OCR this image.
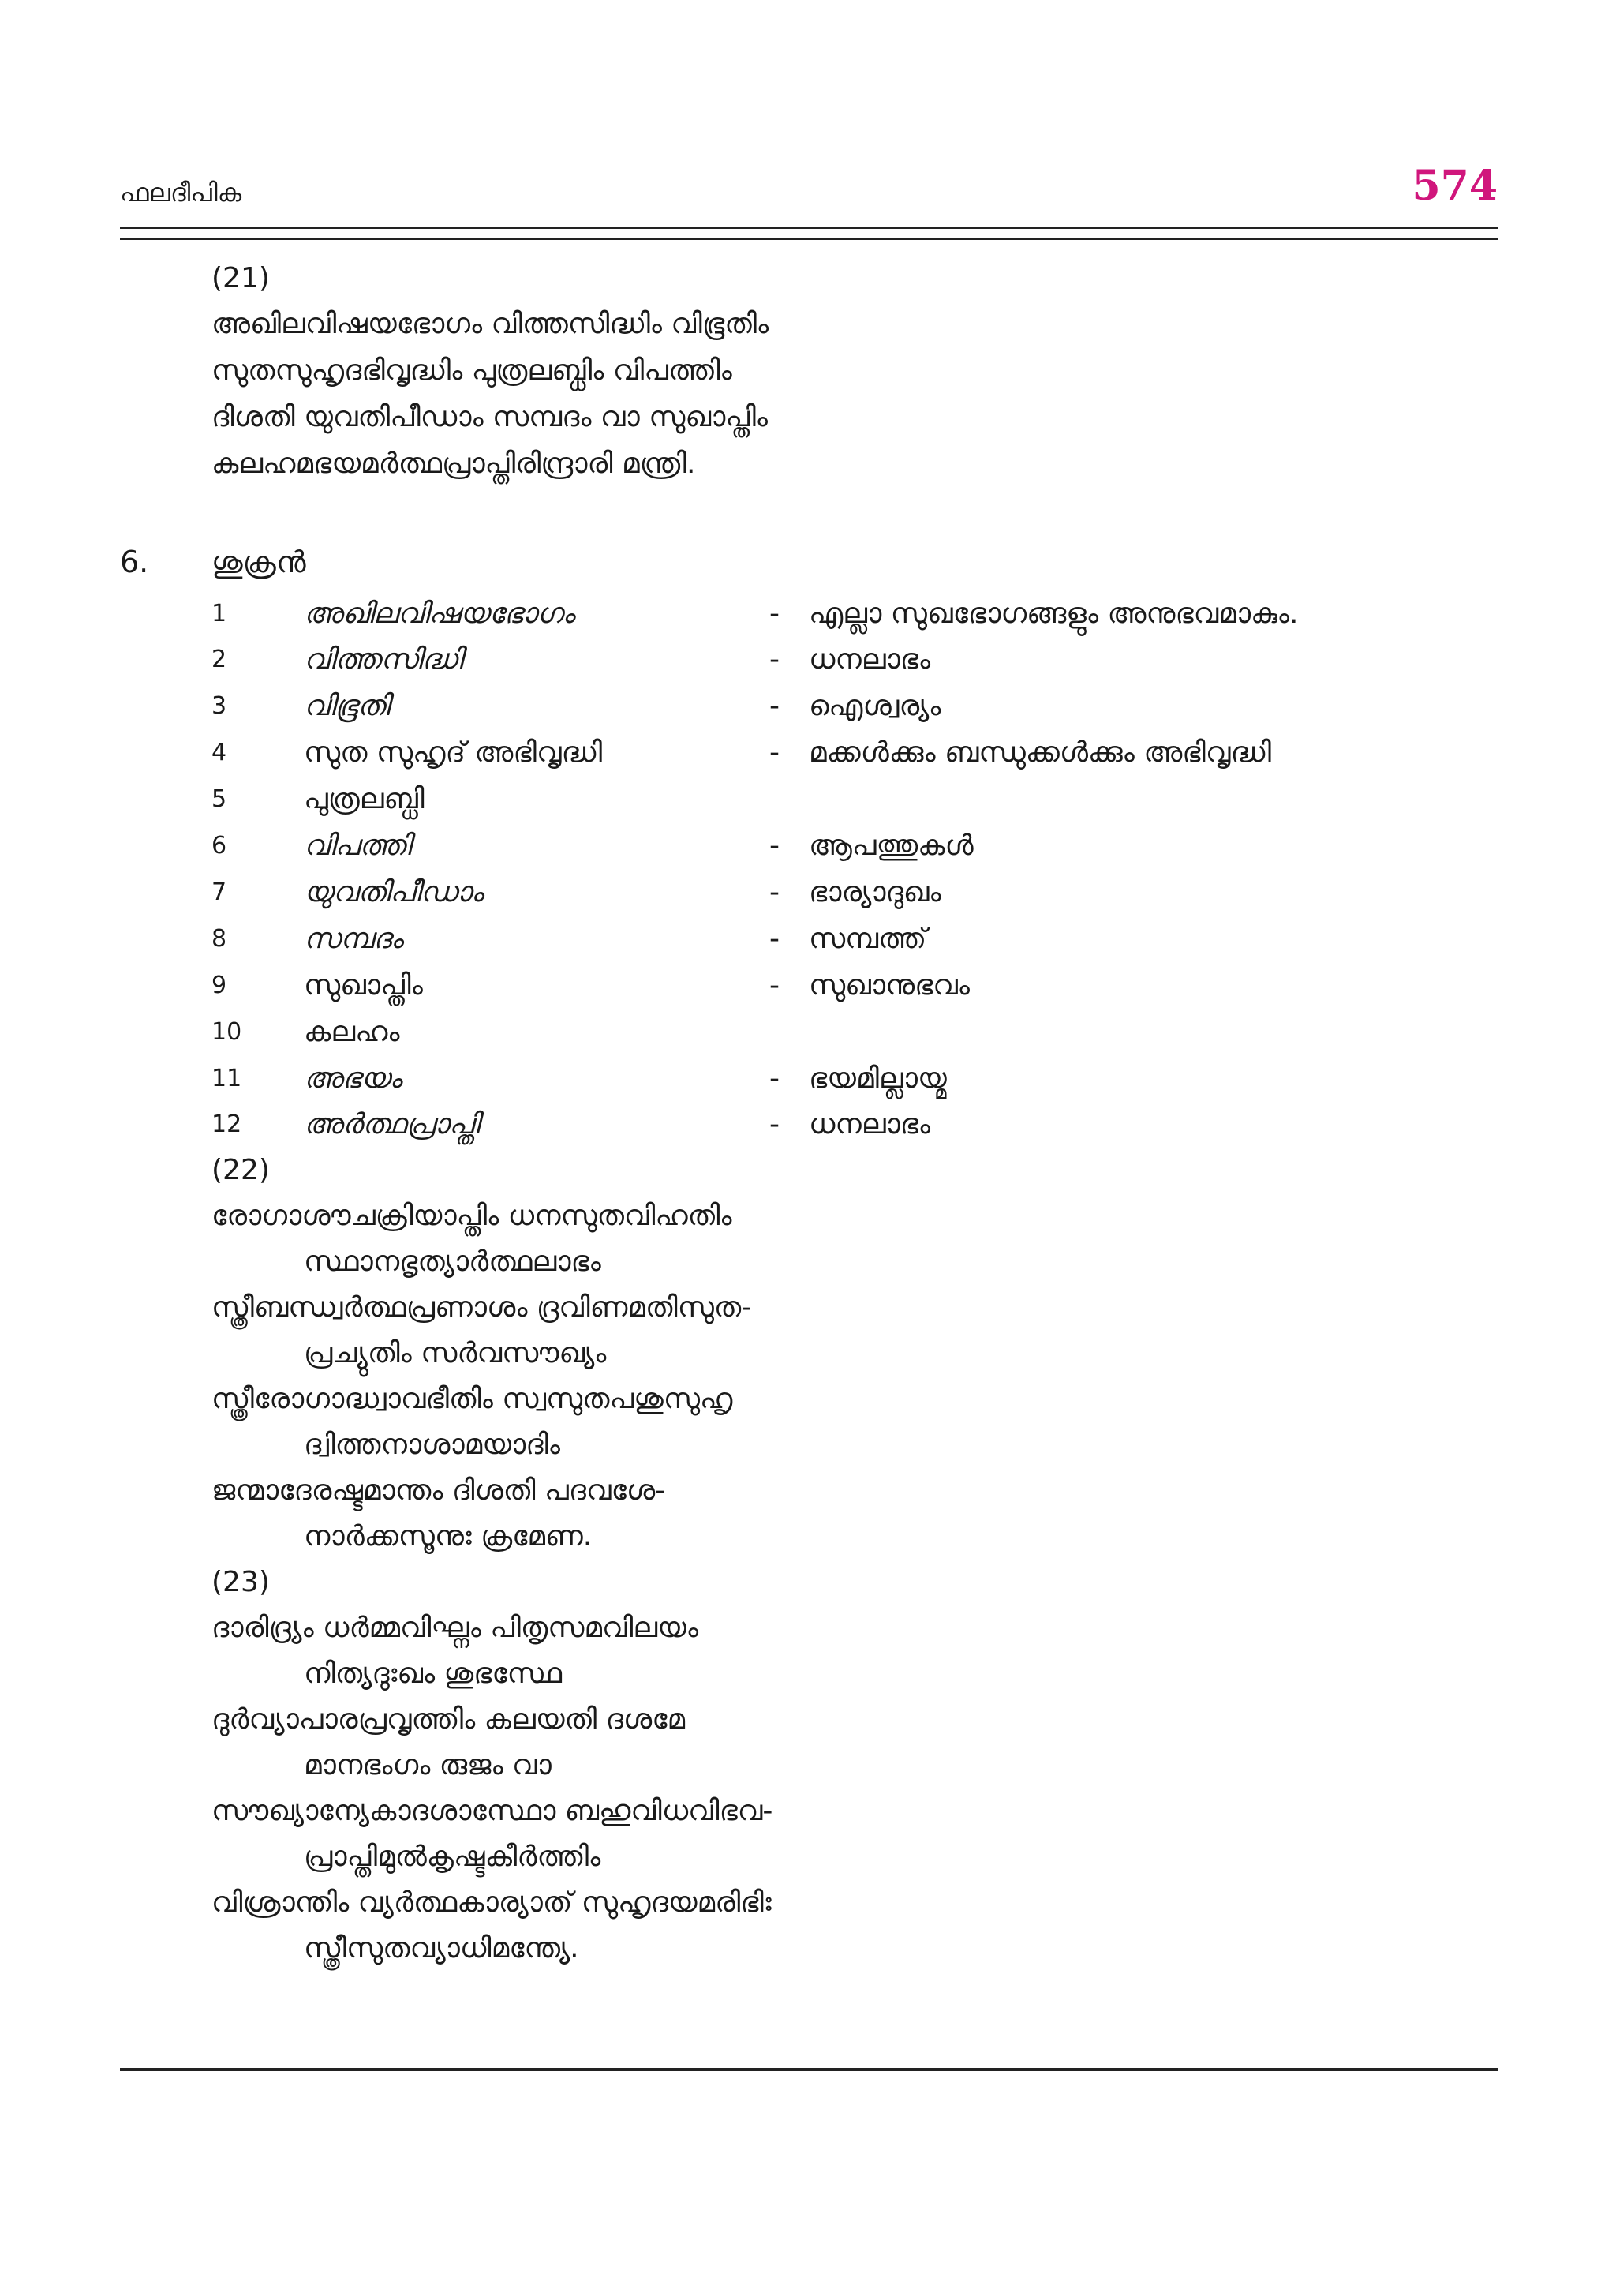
ഫലദീപിക	574
(21)
അഖിലവിഷയഭോഗം വിത്തസിദ്ധിം വിഭൂതിം
സുതസുഹൃദഭിവൃദ്ധിം പുത്രലബ്ധിം വിപത്തിം
ദിശതി യുവതിപീഡാം സമ്പദം വാ സുഖാപ്തിം
കലഹമഭയമർത്ഥപ്രാപ്തിരിന്ദ്രാരി മന്ത്രി.
6. ശുക്രൻ
1	അഖിലവിഷയഭോഗം	- എല്ലാ സുഖഭോഗങ്ങളും അനുഭവമാകും.
2	വിത്തസിദ്ധി	- ധനലാഭം
3	വിഭൂതി	- ഐശ്വര്യം
4	സുത സുഹൃദ് അഭിവൃദ്ധി	- മക്കൾക്കും ബന്ധുക്കൾക്കും അഭിവൃദ്ധി
5	പുത്രലബ്ധി
6	വിപത്തി	- ആപത്തുകൾ
7	യുവതിപീഡാം	- ഭാര്യാദുഖം
8	സമ്പദം	- സമ്പത്ത്
9	സുഖാപ്തിം	- സുഖാനുഭവം
10 കലഹം
11 അഭയം	- ഭയമില്ലായ്മ
12 അർത്ഥപ്രാപ്തി	- ധനലാഭം
(22)
രോഗാശൗചക്രിയാപ്തിം ധനസുതവിഹതിം
സ്ഥാനഭൃത്യാർത്ഥലാഭം
സ്ത്രീബന്ധ്വർത്ഥപ്രണാശം ദ്രവിണമതിസുത-
പ്രച്യുതിം സർവസൗഖ്യം
സ്ത്രീരോഗാദ്ധ്വാവഭീതിം സ്വസുതപശുസുഹൃ
ദ്വിത്തനാശാമയാദിം
ജന്മാദേരഷ്ടമാന്തം ദിശതി പദവശേ-
നാർക്കസൂനുഃ ക്രമേണ.
(23)
ദാരിദ്ര്യം ധർമ്മവിഘ്നം പിതൃസമവിലയം
നിത്യദുഃഖം ശുഭസ്ഥേ
ദുർവ്യാപാരപ്രവൃത്തിം കലയതി ദശമേ
മാനഭംഗം രുജം വാ
സൗഖ്യാന്യേകാദശാസ്ഥോ ബഹുവിധവിഭവ-
പ്രാപ്തിമുൽകൃഷ്ടകീർത്തിം
വിശ്രാന്തിം വ്യർത്ഥകാര്യാത് സുഹൃദയമരിഭിഃ
സ്ത്രീസുതവ്യാധിമന്ത്യേ.
